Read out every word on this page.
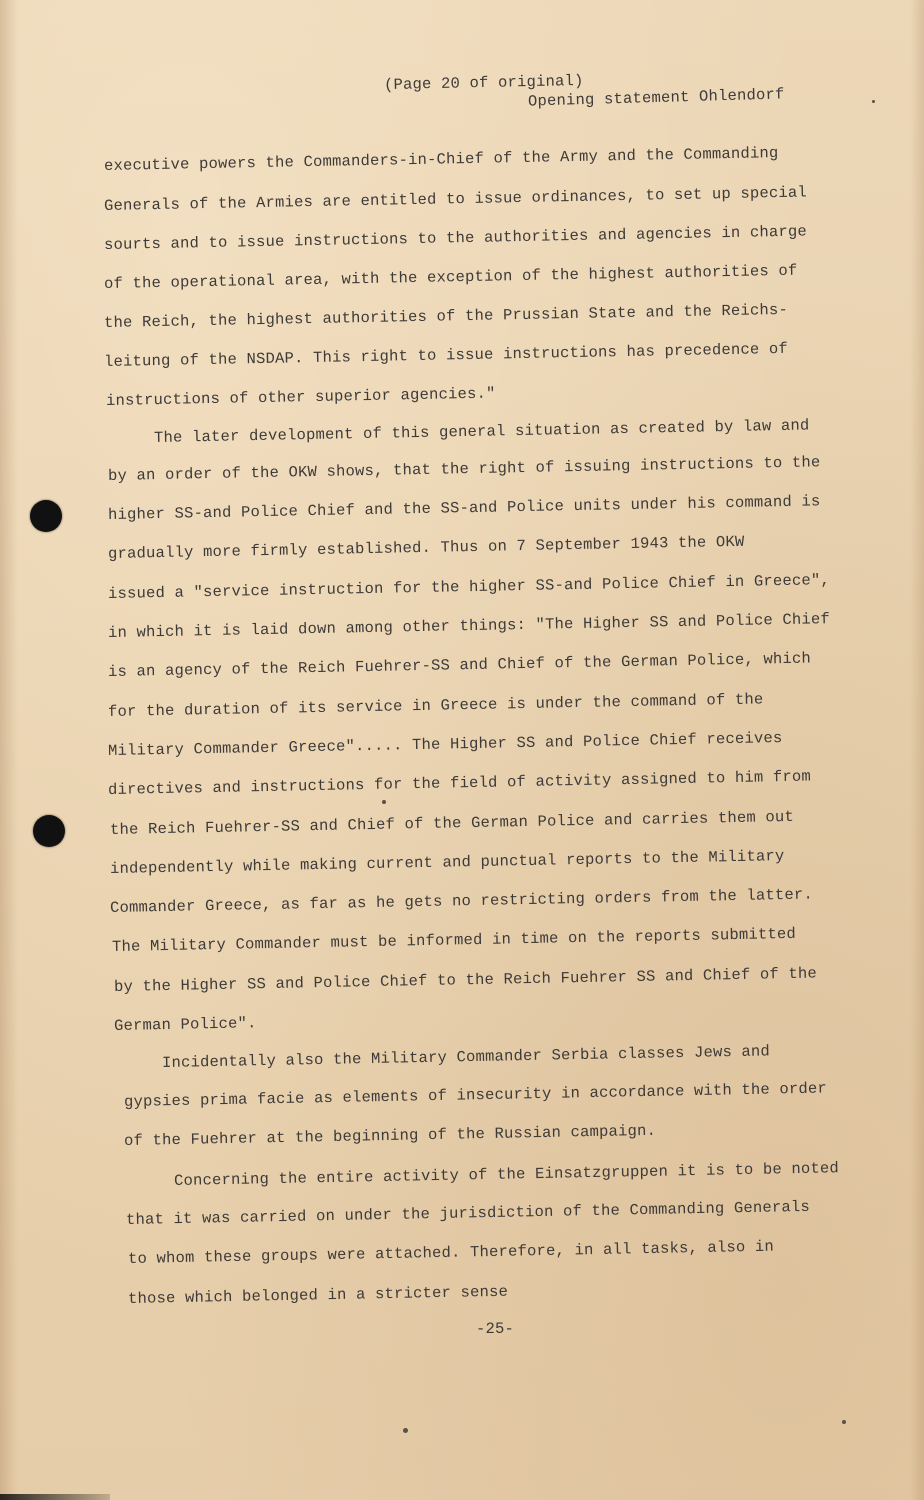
(Page 20 of original)
Opening statement Ohlendorf
executive powers the Commanders-in-Chief of the Army and the Commanding
Generals of the Armies are entitled to issue ordinances, to set up special
sourts and to issue instructions to the authorities and agencies in charge
of the operational area, with the exception of the highest authorities of
the Reich, the highest authorities of the Prussian State and the Reichs-
leitung of the NSDAP. This right to issue instructions has precedence of
instructions of other superior agencies."
The later development of this general situation as created by law and
by an order of the OKW shows, that the right of issuing instructions to the
higher SS-and Police Chief and the SS-and Police units under his command is
gradually more firmly established. Thus on 7 September 1943 the OKW
issued a "service instruction for the higher SS-and Police Chief in Greece",
in which it is laid down among other things: "The Higher SS and Police Chief
is an agency of the Reich Fuehrer-SS and Chief of the German Police, which
for the duration of its service in Greece is under the command of the
Military Commander Greece"..... The Higher SS and Police Chief receives
directives and instructions for the field of activity assigned to him from
the Reich Fuehrer-SS and Chief of the German Police and carries them out
independently while making current and punctual reports to the Military
Commander Greece, as far as he gets no restricting orders from the latter.
The Military Commander must be informed in time on the reports submitted
by the Higher SS and Police Chief to the Reich Fuehrer SS and Chief of the
German Police".
Incidentally also the Military Commander Serbia classes Jews and
gypsies prima facie as elements of insecurity in accordance with the order
of the Fuehrer at the beginning of the Russian campaign.
Concerning the entire activity of the Einsatzgruppen it is to be noted
that it was carried on under the jurisdiction of the Commanding Generals
to whom these groups were attached. Therefore, in all tasks, also in
those which belonged in a stricter sense
-25-
